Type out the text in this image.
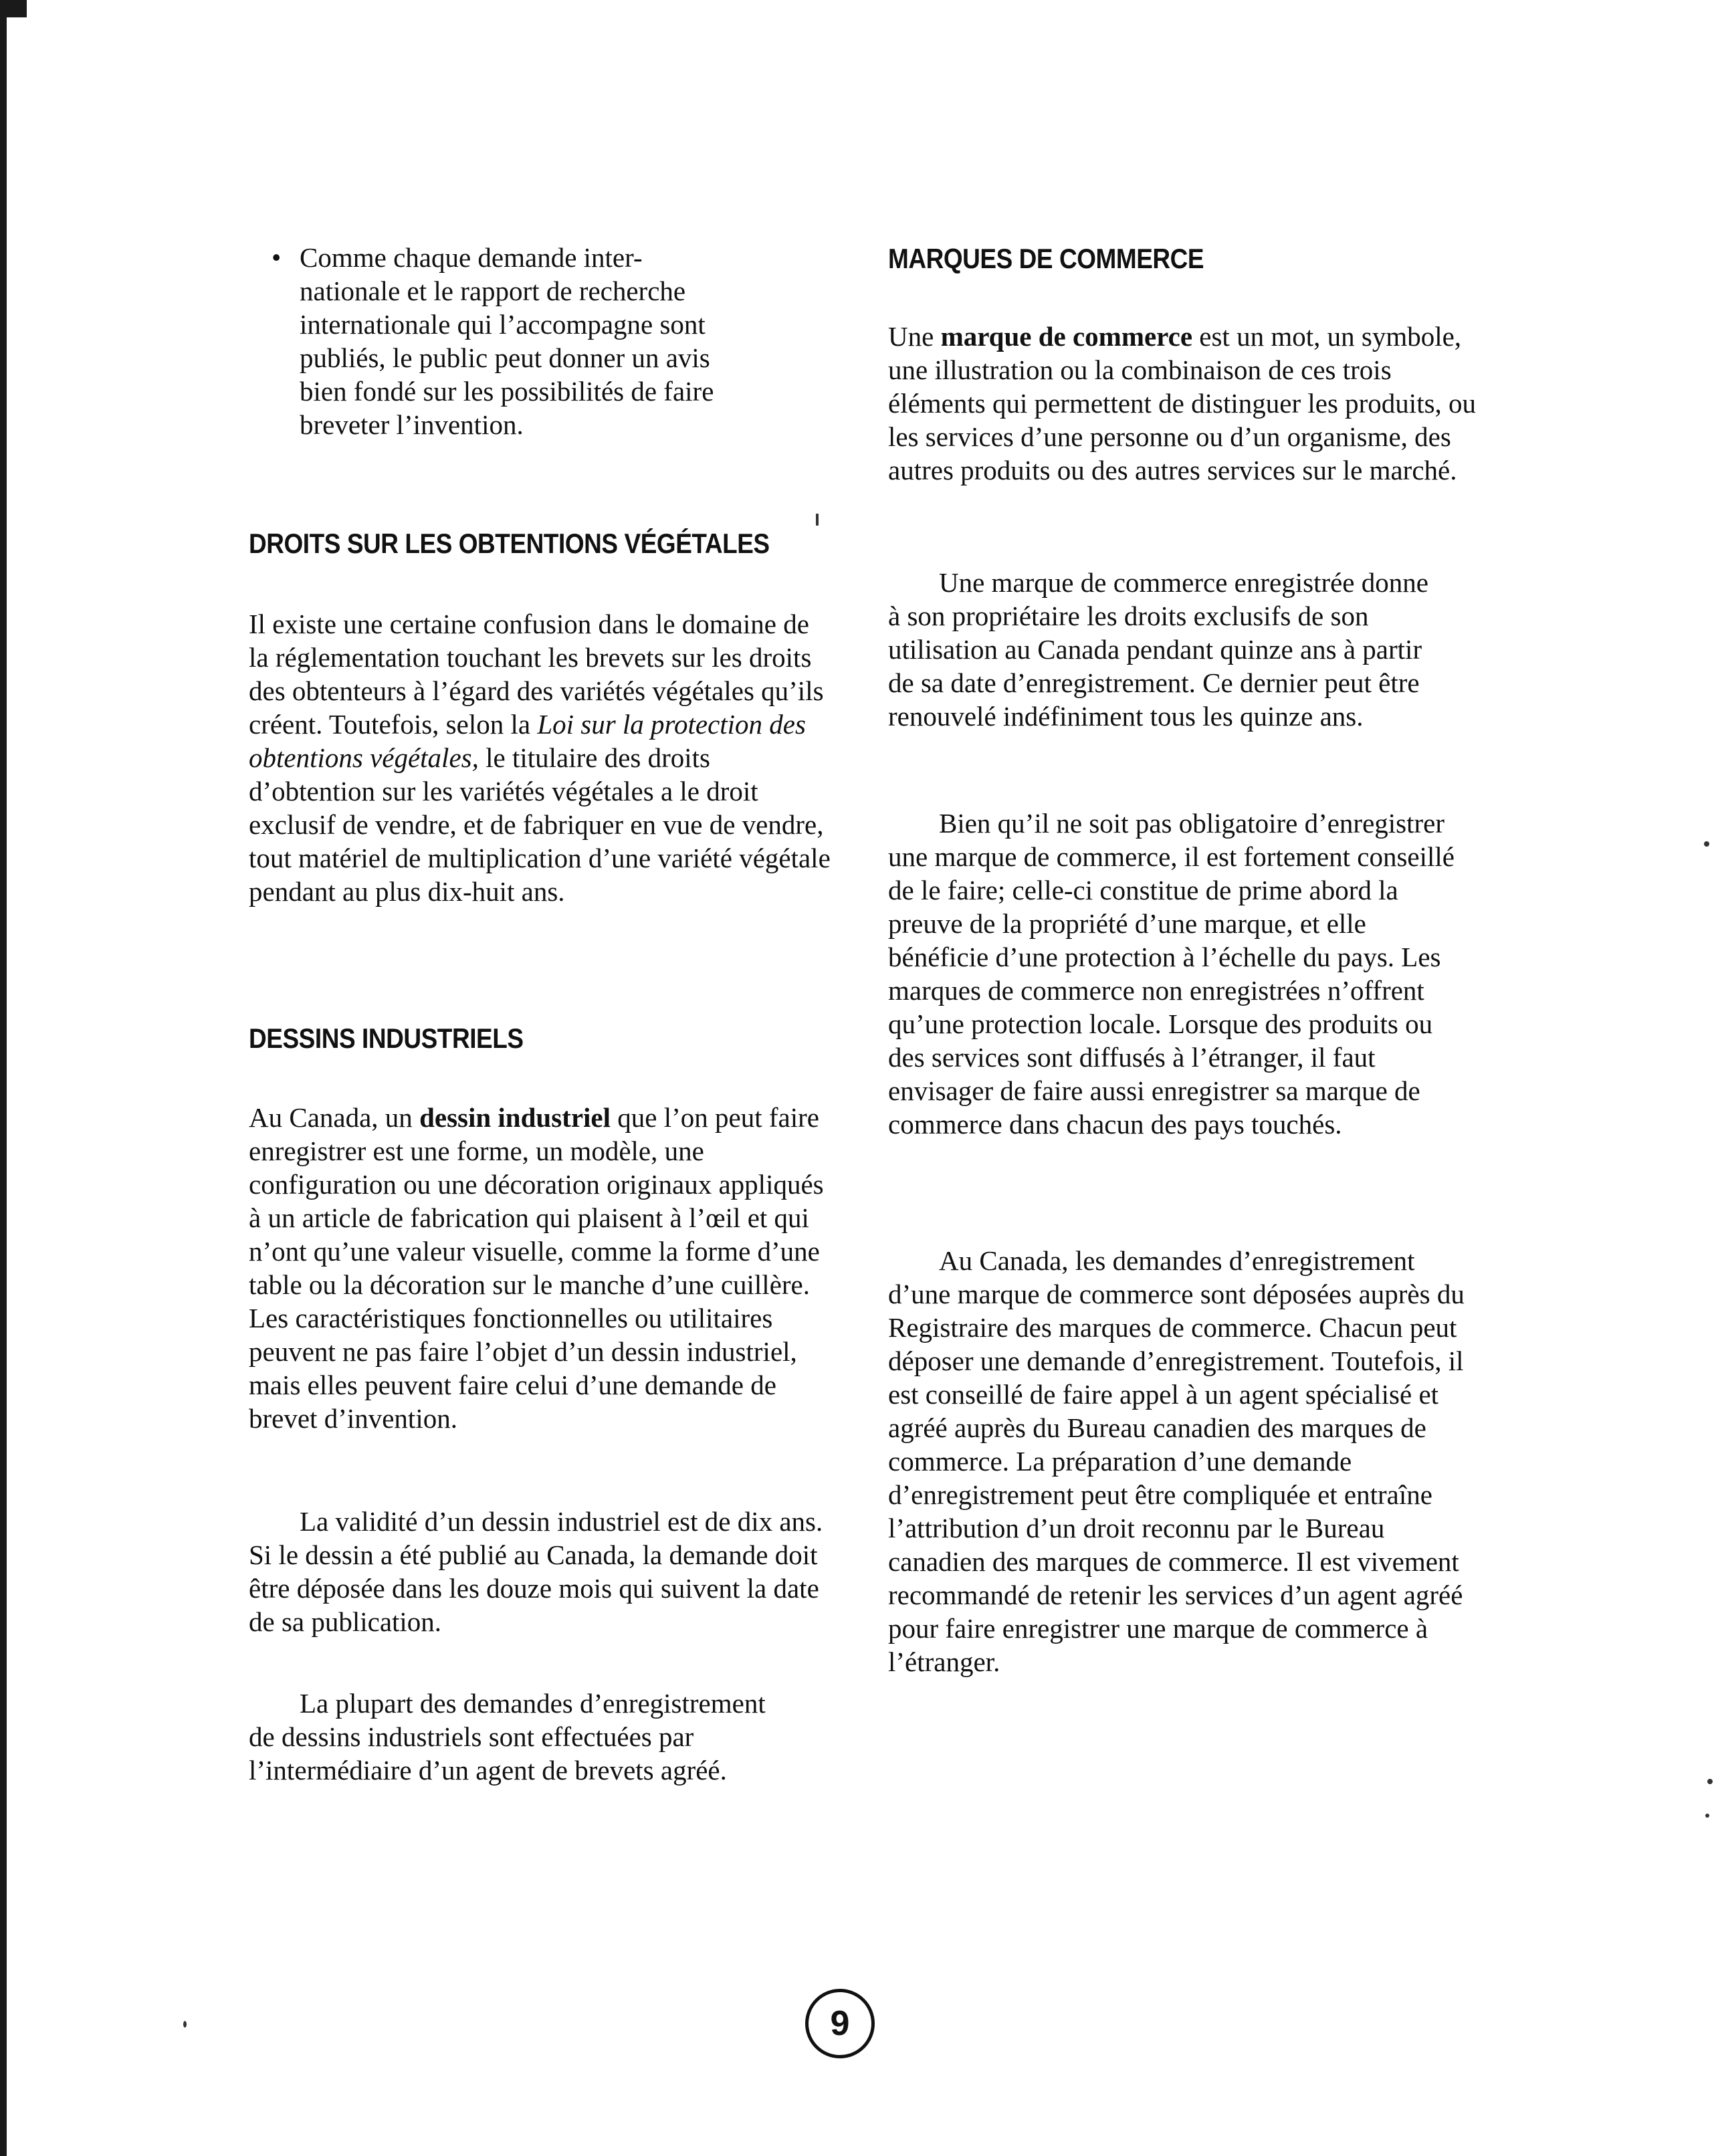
• Comme chaque demande inter-

nationale et le rapport de recherche

internationale qui l’accompagne sont

publiés, le public peut donner un avis

bien fondé sur les possibilités de faire

breveter l’invention.

DROITS SUR LES OBTENTIONS VÉGÉTALES

Il existe une certaine confusion dans le domaine de la réglementation touchant les brevets sur les droits des obtenteurs à l’égard des variétés végétales qu’ils créent. Toutefois, selon la Loi sur la protection des obtentions végétales, le titulaire des droits d’obtention sur les variétés végétales a le droit exclusif de vendre, et de fabriquer en vue de vendre, tout matériel de multiplication d’une variété végétale pendant au plus dix-huit ans.

DESSINS INDUSTRIELS

Au Canada, un dessin industriel que l’on peut faire enregistrer est une forme, un modèle, une configuration ou une décoration originaux appliqués à un article de fabrication qui plaisent à l’œil et qui n’ont qu’une valeur visuelle, comme la forme d’une table ou la décoration sur le manche d’une cuillère. Les caractéristiques fonctionnelles ou utilitaires peuvent ne pas faire l’objet d’un dessin industriel, mais elles peuvent faire celui d’une demande de brevet d’invention.

La validité d’un dessin industriel est de dix ans. Si le dessin a été publié au Canada, la demande doit être déposée dans les douze mois qui suivent la date de sa publication.

La plupart des demandes d’enregistrement de dessins industriels sont effectuées par l’intermédiaire d’un agent de brevets agréé.

MARQUES DE COMMERCE

Une marque de commerce est un mot, un symbole, une illustration ou la combinaison de ces trois éléments qui permettent de distinguer les produits, ou les services d’une personne ou d’un organisme, des autres produits ou des autres services sur le marché.

Une marque de commerce enregistrée donne à son propriétaire les droits exclusifs de son utilisation au Canada pendant quinze ans à partir de sa date d’enregistrement. Ce dernier peut être renouvelé indéfiniment tous les quinze ans.

Bien qu’il ne soit pas obligatoire d’enregistrer une marque de commerce, il est fortement conseillé de le faire; celle-ci constitue de prime abord la preuve de la propriété d’une marque, et elle bénéficie d’une protection à l’échelle du pays. Les marques de commerce non enregistrées n’offrent qu’une protection locale. Lorsque des produits ou des services sont diffusés à l’étranger, il faut envisager de faire aussi enregistrer sa marque de commerce dans chacun des pays touchés.

Au Canada, les demandes d’enregistrement d’une marque de commerce sont déposées auprès du Registraire des marques de commerce. Chacun peut déposer une demande d’enregistrement. Toutefois, il est conseillé de faire appel à un agent spécialisé et agréé auprès du Bureau canadien des marques de commerce. La préparation d’une demande d’enregistrement peut être compliquée et entraîne l’attribution d’un droit reconnu par le Bureau canadien des marques de commerce. Il est vivement recommandé de retenir les services d’un agent agréé pour faire enregistrer une marque de commerce à l’étranger.

9
